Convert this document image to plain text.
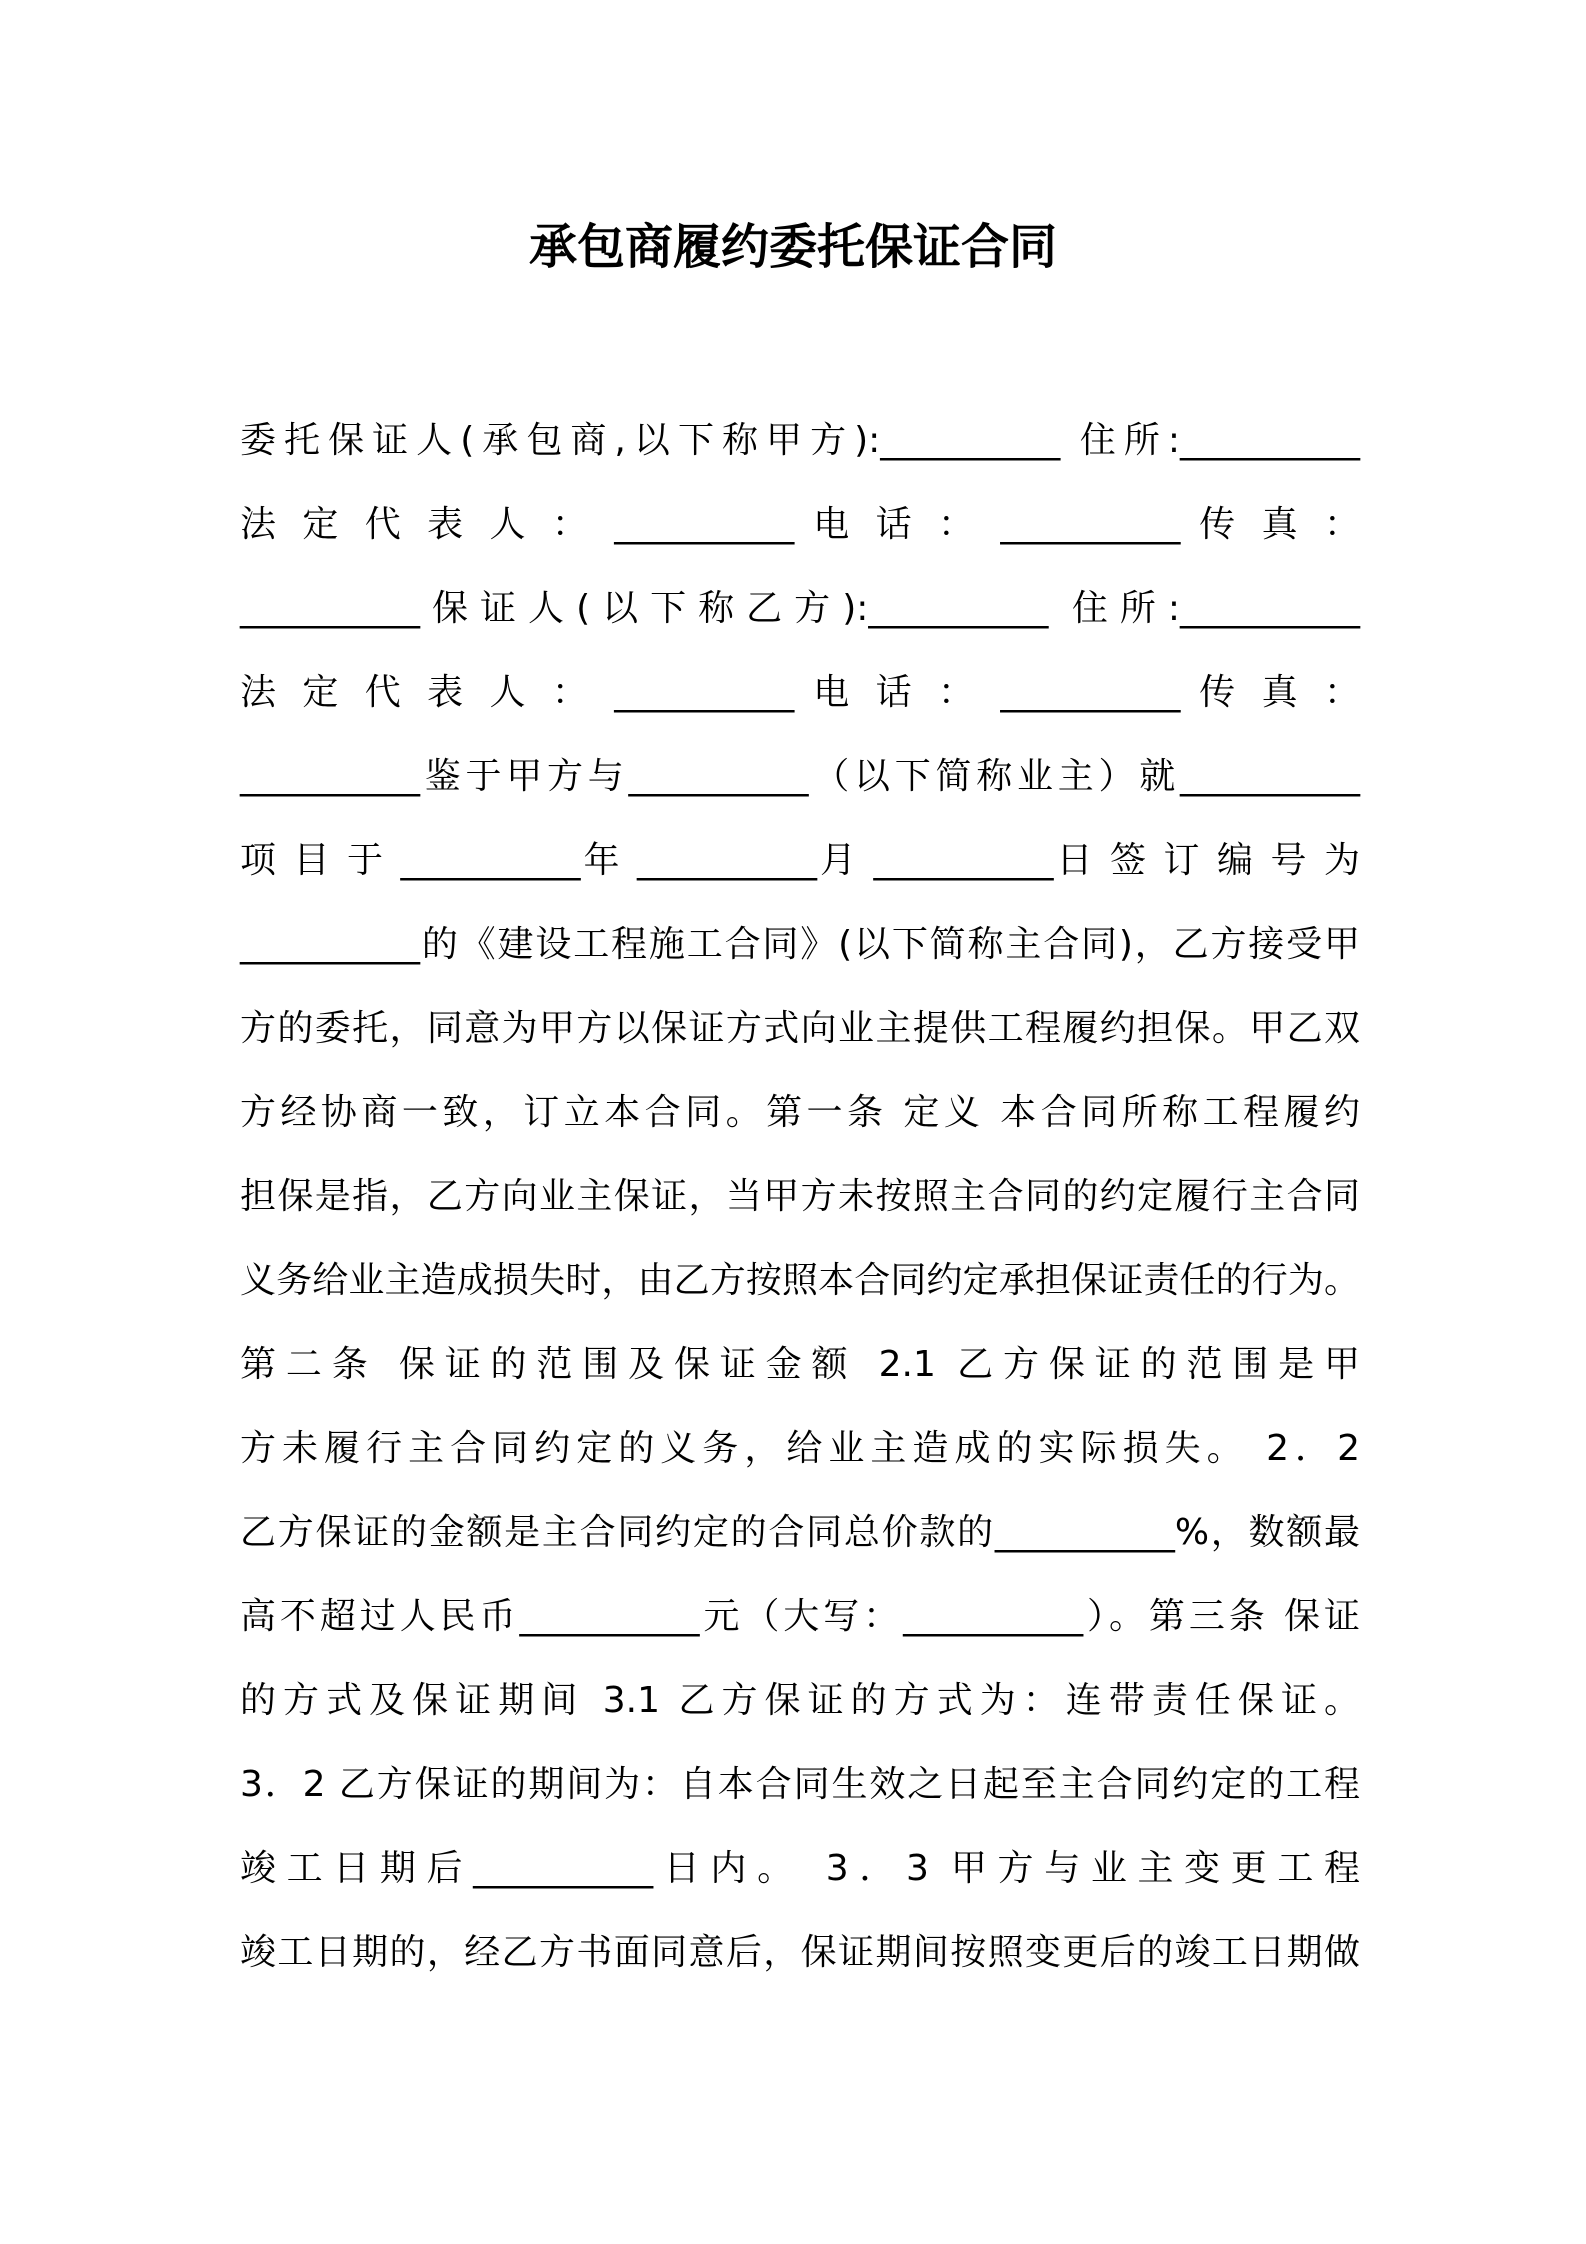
承包商履约委托保证合同
委托保证人(承包商,以下称甲方):__________ 住所:__________
法 定 代 表 人 ： __________ 电 话 ： __________ 传 真 ：
__________保证人(以下称乙方):__________ 住所:__________
法 定 代 表 人 ： __________ 电 话 ： __________ 传 真 ：
__________鉴于甲方与__________（以下简称业主）就__________
项 目 于 __________年 __________月 __________日 签 订 编 号 为
__________的《建设工程施工合同》(以下简称主合同)，乙方接受甲
方的委托，同意为甲方以保证方式向业主提供工程履约担保。甲乙双
方经协商一致，订立本合同。第一条 定义 本合同所称工程履约
担保是指，乙方向业主保证，当甲方未按照主合同的约定履行主合同
义务给业主造成损失时，由乙方按照本合同约定承担保证责任的行为。
第二条 保证的范围及保证金额 2.1 乙方保证的范围是甲
方未履行主合同约定的义务，给业主造成的实际损失。 2．2
乙方保证的金额是主合同约定的合同总价款的__________%，数额最
高不超过人民币__________元（大写：__________）。第三条 保证
的方式及保证期间 3.1 乙方保证的方式为：连带责任保证。
3．2 乙方保证的期间为：自本合同生效之日起至主合同约定的工程
竣工日期后__________日内。 3．3 甲方与业主变更工程
竣工日期的，经乙方书面同意后，保证期间按照变更后的竣工日期做
